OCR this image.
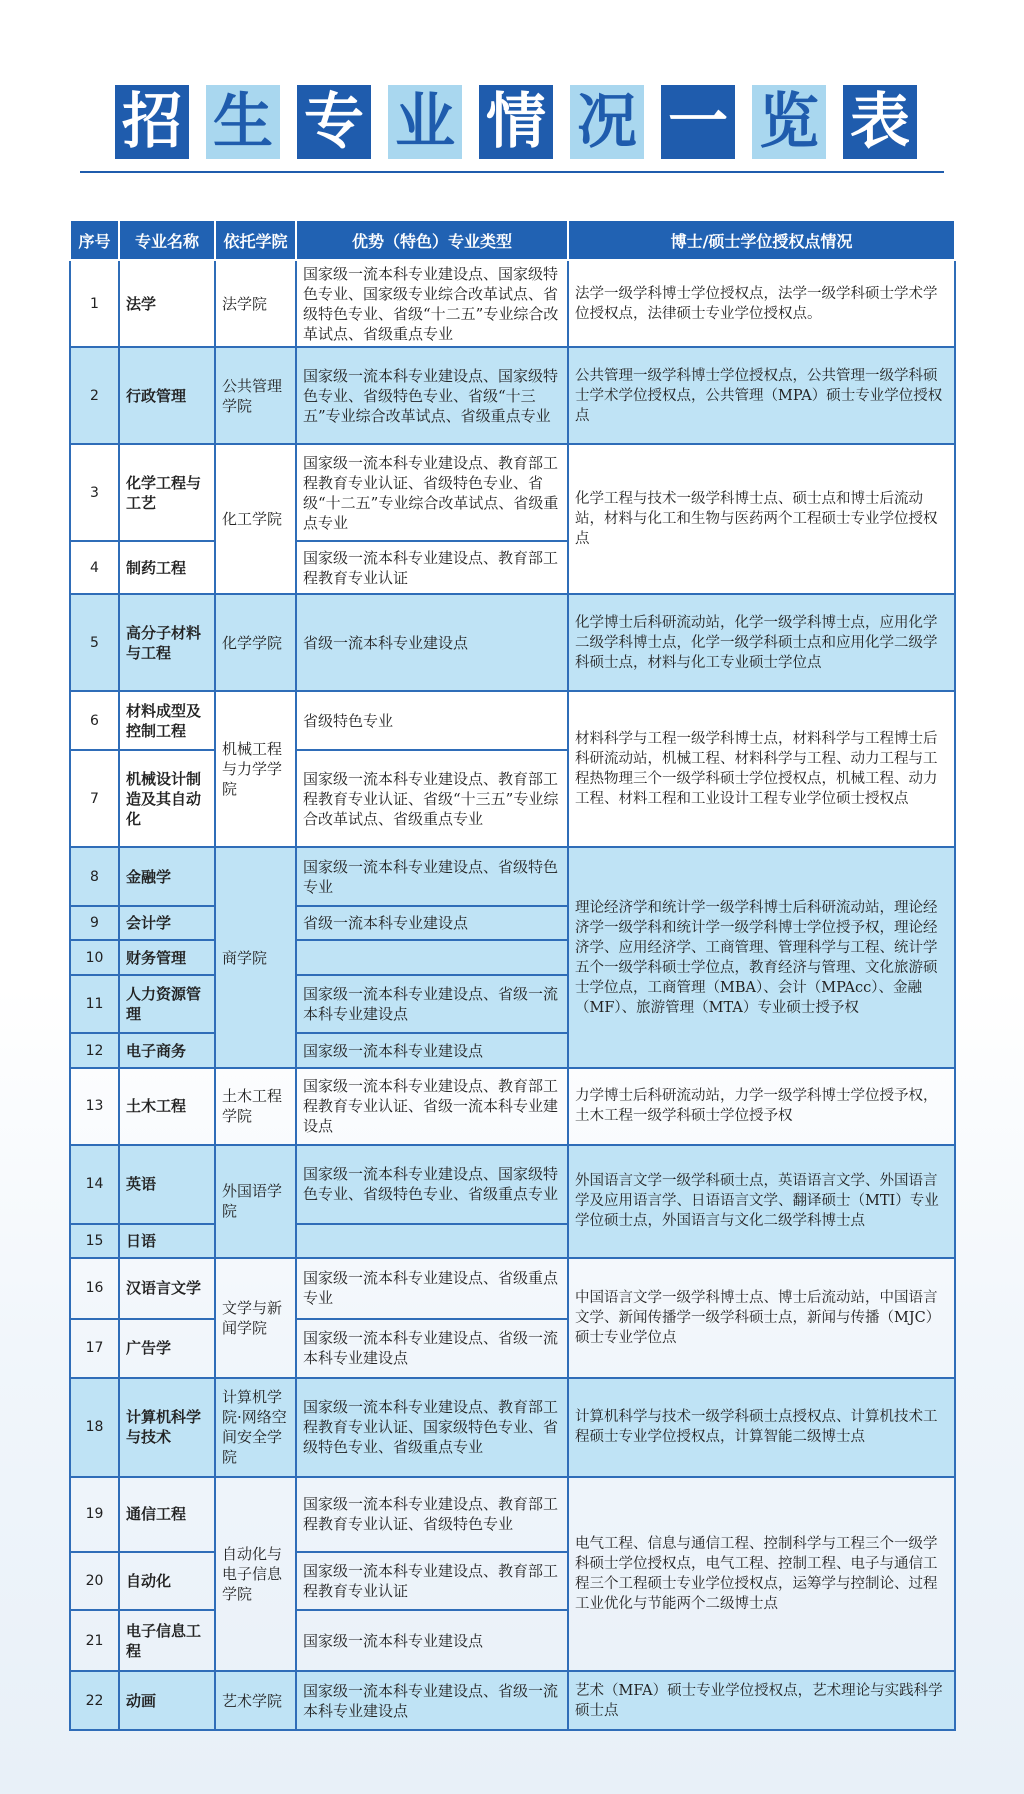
招 生 专 业 情 况 一 览 表
序号	专业名称	依托学院	优势（特色）专业类型	博士/硕士学位授权点情况
1	法学	法学院	国家级一流本科专业建设点、国家级特色专业、国家级专业综合改革试点、省级特色专业、省级“十二五”专业综合改革试点、省级重点专业	法学一级学科博士学位授权点，法学一级学科硕士学术学位授权点，法律硕士专业学位授权点。
2	行政管理	公共管理学院	国家级一流本科专业建设点、国家级特色专业、省级特色专业、省级“十三五”专业综合改革试点、省级重点专业	公共管理一级学科博士学位授权点，公共管理一级学科硕士学术学位授权点，公共管理（MPA）硕士专业学位授权点
3	化学工程与工艺	化工学院	国家级一流本科专业建设点、教育部工程教育专业认证、省级特色专业、省级“十二五”专业综合改革试点、省级重点专业	化学工程与技术一级学科博士点、硕士点和博士后流动站，材料与化工和生物与医药两个工程硕士专业学位授权点
4	制药工程		国家级一流本科专业建设点、教育部工程教育专业认证	
5	高分子材料与工程	化学学院	省级一流本科专业建设点	化学博士后科研流动站，化学一级学科博士点，应用化学二级学科博士点，化学一级学科硕士点和应用化学二级学科硕士点，材料与化工专业硕士学位点
6	材料成型及控制工程	机械工程与力学学院	省级特色专业	材料科学与工程一级学科博士点，材料科学与工程博士后科研流动站，机械工程、材料科学与工程、动力工程与工程热物理三个一级学科硕士学位授权点，机械工程、动力工程、材料工程和工业设计工程专业学位硕士授权点
7	机械设计制造及其自动化		国家级一流本科专业建设点、教育部工程教育专业认证、省级“十三五”专业综合改革试点、省级重点专业	
8	金融学	商学院	国家级一流本科专业建设点、省级特色专业	理论经济学和统计学一级学科博士后科研流动站，理论经济学一级学科和统计学一级学科博士学位授予权，理论经济学、应用经济学、工商管理、管理科学与工程、统计学五个一级学科硕士学位点，教育经济与管理、文化旅游硕士学位点，工商管理（MBA）、会计（MPAcc）、金融（MF）、旅游管理（MTA）专业硕士授予权
9	会计学		省级一流本科专业建设点	
10	财务管理			
11	人力资源管理		国家级一流本科专业建设点、省级一流本科专业建设点	
12	电子商务		国家级一流本科专业建设点	
13	土木工程	土木工程学院	国家级一流本科专业建设点、教育部工程教育专业认证、省级一流本科专业建设点	力学博士后科研流动站，力学一级学科博士学位授予权，土木工程一级学科硕士学位授予权
14	英语	外国语学院	国家级一流本科专业建设点、国家级特色专业、省级特色专业、省级重点专业	外国语言文学一级学科硕士点，英语语言文学、外国语言学及应用语言学、日语语言文学、翻译硕士（MTI）专业学位硕士点，外国语言与文化二级学科博士点
15	日语			
16	汉语言文学	文学与新闻学院	国家级一流本科专业建设点、省级重点专业	中国语言文学一级学科博士点、博士后流动站，中国语言文学、新闻传播学一级学科硕士点，新闻与传播（MJC）硕士专业学位点
17	广告学		国家级一流本科专业建设点、省级一流本科专业建设点	
18	计算机科学与技术	计算机学院·网络空间安全学院	国家级一流本科专业建设点、教育部工程教育专业认证、国家级特色专业、省级特色专业、省级重点专业	计算机科学与技术一级学科硕士点授权点、计算机技术工程硕士专业学位授权点，计算智能二级博士点
19	通信工程	自动化与电子信息学院	国家级一流本科专业建设点、教育部工程教育专业认证、省级特色专业	电气工程、信息与通信工程、控制科学与工程三个一级学科硕士学位授权点，电气工程、控制工程、电子与通信工程三个工程硕士专业学位授权点，运筹学与控制论、过程工业优化与节能两个二级博士点
20	自动化		国家级一流本科专业建设点、教育部工程教育专业认证	
21	电子信息工程		国家级一流本科专业建设点	
22	动画	艺术学院	国家级一流本科专业建设点、省级一流本科专业建设点	艺术（MFA）硕士专业学位授权点，艺术理论与实践科学硕士点
